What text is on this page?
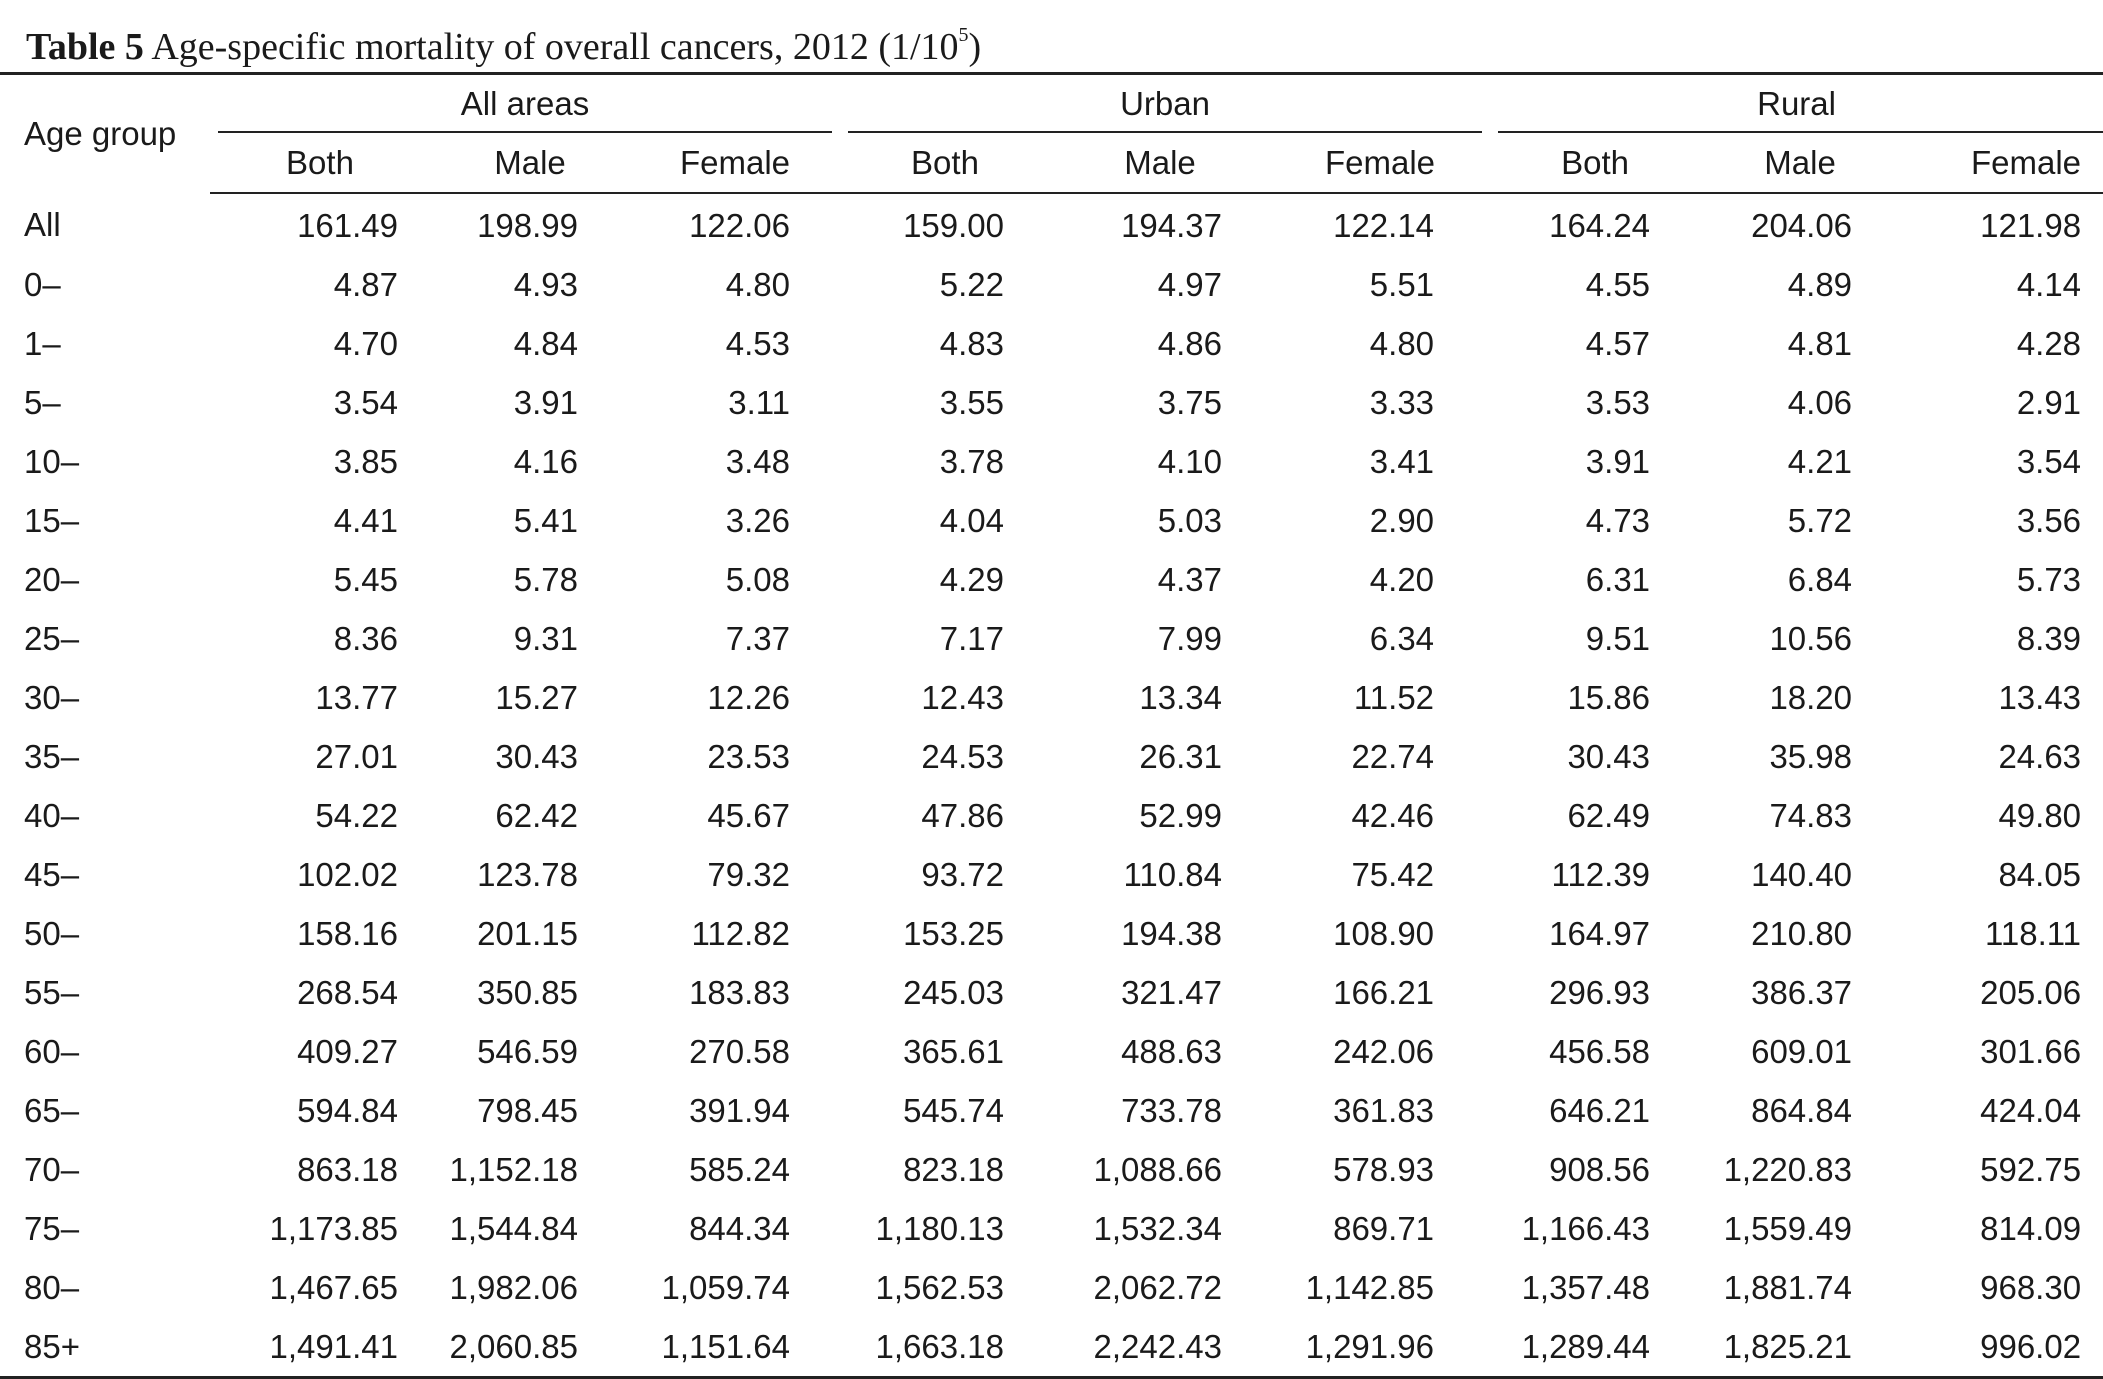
Table 5 Age-specific mortality of overall cancers, 2012 $(1/10^5)$
Age group	All areas			Urban			Rural		

	Both	Male	Female	Both	Male	Female	Both	Male	Female
All	161.49	198.99	122.06	159.00	194.37	122.14	164.24	204.06	121.98
0–	4.87	4.93	4.80	5.22	4.97	5.51	4.55	4.89	4.14
1–	4.70	4.84	4.53	4.83	4.86	4.80	4.57	4.81	4.28
5–	3.54	3.91	3.11	3.55	3.75	3.33	3.53	4.06	2.91
10–	3.85	4.16	3.48	3.78	4.10	3.41	3.91	4.21	3.54
15–	4.41	5.41	3.26	4.04	5.03	2.90	4.73	5.72	3.56
20–	5.45	5.78	5.08	4.29	4.37	4.20	6.31	6.84	5.73
25–	8.36	9.31	7.37	7.17	7.99	6.34	9.51	10.56	8.39
30–	13.77	15.27	12.26	12.43	13.34	11.52	15.86	18.20	13.43
35–	27.01	30.43	23.53	24.53	26.31	22.74	30.43	35.98	24.63
40–	54.22	62.42	45.67	47.86	52.99	42.46	62.49	74.83	49.80
45–	102.02	123.78	79.32	93.72	110.84	75.42	112.39	140.40	84.05
50–	158.16	201.15	112.82	153.25	194.38	108.90	164.97	210.80	118.11
55–	268.54	350.85	183.83	245.03	321.47	166.21	296.93	386.37	205.06
60–	409.27	546.59	270.58	365.61	488.63	242.06	456.58	609.01	301.66
65–	594.84	798.45	391.94	545.74	733.78	361.83	646.21	864.84	424.04
70–	863.18	1,152.18	585.24	823.18	1,088.66	578.93	908.56	1,220.83	592.75
75–	1,173.85	1,544.84	844.34	1,180.13	1,532.34	869.71	1,166.43	1,559.49	814.09
80–	1,467.65	1,982.06	1,059.74	1,562.53	2,062.72	1,142.85	1,357.48	1,881.74	968.30
85+	1,491.41	2,060.85	1,151.64	1,663.18	2,242.43	1,291.96	1,289.44	1,825.21	996.02
